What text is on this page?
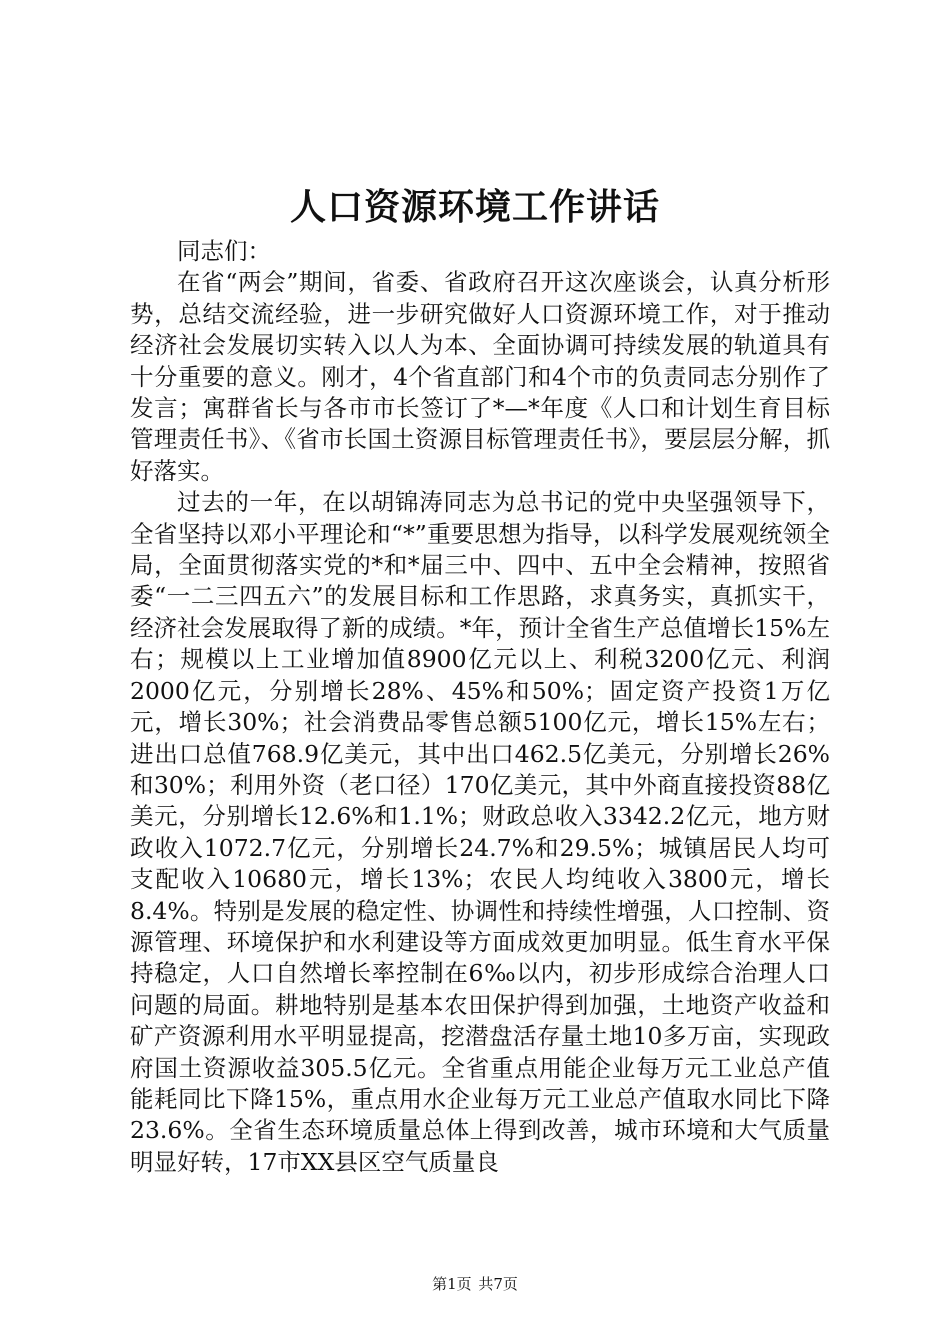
人口资源环境工作讲话

同志们：

在省“两会”期间，省委、省政府召开这次座谈会，认真分析形势，总结交流经验，进一步研究做好人口资源环境工作，对于推动经济社会发展切实转入以人为本、全面协调可持续发展的轨道具有十分重要的意义。刚才，4个省直部门和4个市的负责同志分别作了发言；寓群省长与各市市长签订了*—*年度《人口和计划生育目标管理责任书》、《省市长国土资源目标管理责任书》，要层层分解，抓好落实。

过去的一年，在以胡锦涛同志为总书记的党中央坚强领导下，全省坚持以邓小平理论和“*”重要思想为指导，以科学发展观统领全局，全面贯彻落实党的*和*届三中、四中、五中全会精神，按照省委“一二三四五六”的发展目标和工作思路，求真务实，真抓实干，经济社会发展取得了新的成绩。*年，预计全省生产总值增长15%左右；规模以上工业增加值8900亿元以上、利税3200亿元、利润2000亿元，分别增长28%、45%和50%；固定资产投资1万亿元，增长30%；社会消费品零售总额5100亿元，增长15%左右；进出口总值768.9亿美元，其中出口462.5亿美元，分别增长26%和30%；利用外资（老口径）170亿美元，其中外商直接投资88亿美元，分别增长12.6%和1.1%；财政总收入3342.2亿元，地方财政收入1072.7亿元，分别增长24.7%和29.5%；城镇居民人均可支配收入10680元，增长13%；农民人均纯收入3800元，增长8.4%。特别是发展的稳定性、协调性和持续性增强，人口控制、资源管理、环境保护和水利建设等方面成效更加明显。低生育水平保持稳定，人口自然增长率控制在6‰以内，初步形成综合治理人口问题的局面。耕地特别是基本农田保护得到加强，土地资产收益和矿产资源利用水平明显提高，挖潜盘活存量土地10多万亩，实现政府国土资源收益305.5亿元。全省重点用能企业每万元工业总产值能耗同比下降15%，重点用水企业每万元工业总产值取水同比下降23.6%。全省生态环境质量总体上得到改善，城市环境和大气质量明显好转，17市XX县区空气质量良

第1页 共7页
